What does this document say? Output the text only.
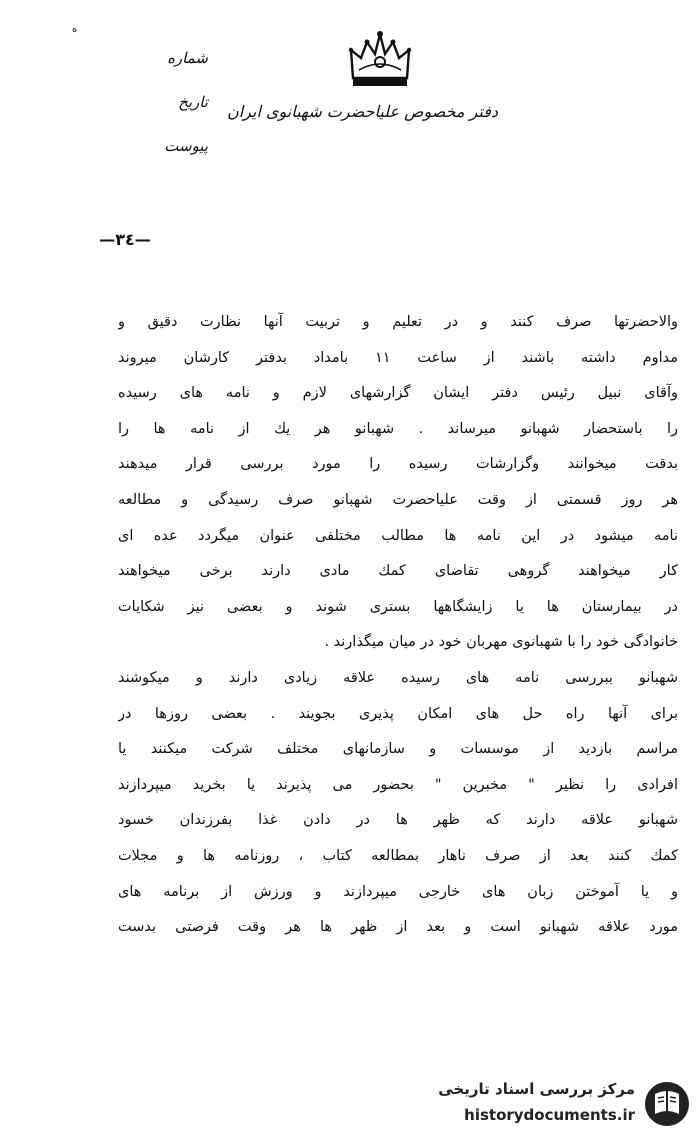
ه
دفتر مخصوص علیاحضرت شهبانوی ایران
شماره
تاریخ
پیوست
—٣٤—
والاحضرتها صرف کنند و در تعلیم و تربیت آنها نظارت دقیق و
مداوم داشته باشند از ساعت ١١ بامداد بدفتر کارشان میروند
وآقای نبیل رئیس دفتر ایشان گزارشهای لازم و نامه های رسیده
را باستحضار شهبانو میرساند . شهبانو هر یك از نامه ها را
بدقت میخوانند وگزارشات رسیده را مورد بررسی قرار میدهند
هر روز قسمتی از وقت علیاحضرت شهبانو صرف رسیدگی و مطالعه
نامه میشود در این نامه ها مطالب مختلفی عنوان میگردد عده ای
کار میخواهند گروهی تقاضای کمك مادی دارند برخی میخواهند
در بیمارستان ها یا زایشگاهها بستری شوند و بعضی نیز شکایات
خانوادگی خود را با شهبانوی مهربان خود در میان میگذارند .
شهبانو ببررسی نامه های رسیده علاقه زیادی دارند و میکوشند
برای آنها راه حل های امکان پذیری بجویند . بعضی روزها در
مراسم بازدید از موسسات و سازمانهای مختلف شرکت میکنند یا
افرادی را نظیر " مخبرین " بحضور می پذیرند یا بخرید میپردازند
شهبانو علاقه دارند که ظهر ها در دادن غذا بفرزندان خسود
کمك کنند بعد از صرف ناهار بمطالعه کتاب ، روزنامه ها و مجلات
و یا آموختن زبان های خارجی میپردازند و ورزش از برنامه های
مورد علاقه شهبانو است و بعد از ظهر ها هر وقت فرصتی بدست
مرکز بررسی اسناد تاریخی
historydocuments.ir
